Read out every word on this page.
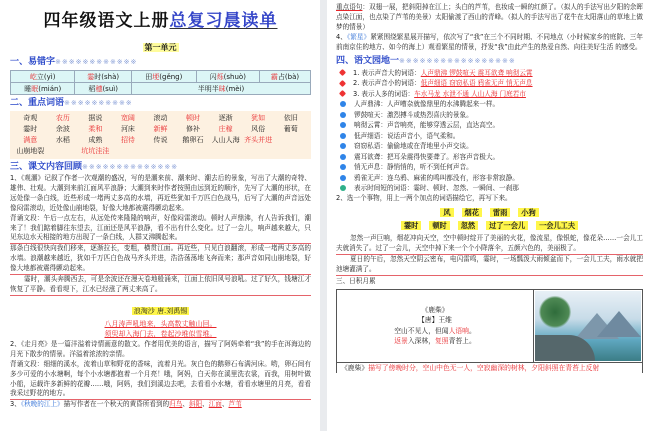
四年级语文上册总复习晨读单
第一单元
一、易错字※※※※※※※※※※※※
屹立(yì)	霎时(shà)	田埂(gěng)	闪烁(shuò)	霸占(bà)
睡眠(mián)	稻穗(suì)	半明半昧(mèi)		
二、重点词语※※※※※※※※※※
奇观	农历	据说	宽阔	滚动	顿时	逐渐	犹如	依旧
霎时	余波	柔和	河床	新鲜	修补	庄稼	风俗	葡萄
满意	水稻	成熟	招待	传说	鹅卵石	人山人海 齐头并进
山崩地裂	坑坑洼洼
三、课文内容回顾※※※※※※※※※※※※※※
1、《观潮》记叙了作者一次观潮的盛况，写的是潮来前、潮来时、潮去后的景象，写出了大潮的奇特、雄伟、壮观。大潮到来前江面风平浪静；大潮到来时作者按照由远到近的顺序，先写了大潮的形状，在远处像一条白线，近些形成一堵两丈多高的水墙，再近些犹如千万匹白色战马，后写了大潮的声音远处像闷雷滚动，近处像山崩地裂，好像大地都被震得颤动起来。
背诵文段：午后一点左右，从远处传来隆隆的响声，好像闷雷滚动。顿时人声鼎沸，有人告诉我们，潮来了！我们踮着脚往东望去，江面还是风平浪静，看不出有什么变化。过了一会儿，响声越来越大，只见东边水天相接的地方出现了一条白线，人群又沸腾起来。
那条白线很快向我们移来，逐渐拉长，变粗，横贯江面。再近些，只见白浪翻滚，形成一堵两丈多高的水墙。浪潮越来越近，犹如千万匹白色战马齐头并进，浩浩荡荡地飞奔而来；那声音如同山崩地裂，好像大地都被震得颤动起来。
霎时，潮头奔腾西去，可是余波还在漫天卷地般涌来，江面上依旧风号浪吼。过了好久，钱塘江才恢复了平静。看看堤下，江水已经涨了两丈来高了。
浪淘沙 唐.刘禹锡
八月涛声吼地来，头高数丈触山回。
须臾却入海门去，卷起沙堆似雪堆。
2、《走月亮》是一篇洋溢着诗情画意的散文。作者用优美的语言，描写了阿妈牵着“我”的手在洱海边的月光下散步的情景。洋溢着浓浓的亲情。
背诵文段：细细的溪水，流着山草和野花的香味，流着月光。灰白色的鹅卵石布满河床。哟，卵石间有多少可爱的小水塘啊，每个小水塘都抱着一个月亮！哦，阿妈，白天你在溪里洗衣裳，而我，用树叶做小船，运载许多新鲜的花瓣……哦，阿妈，我们到溪边去吧，去看看小水塘，看看水塘里的月亮，看看我采过野花的地方。
3、《秋晚的江上》描写作者在一个秋天的黄昏所看到的归鸟、斜阳、江面、芦苇
重点语句：双翅一展，把斜阳掉在江上；头白的芦苇，也妆成一瞬的红颜了。（拟人的手法写出夕阳的余晖点染江面，也点染了芦苇的美景）太阳偷渡了西山的青峰。（拟人的手法写出了花牛在太阳落山的草地上做梦的情景）
4、《繁星》紧紧围绕繁星展开描写，依次写了“我”在三个不同时期、不同地点（小时候家乡的庭院、三年前南京住的地方、如今的海上）观看繁星的情景，抒发“我”由此产生的热爱自然、向往美好生活 的感受。
四、语文园地一※※※※※※※※※※※※※※※※※
1. 表示声音大的词语： 人声鼎沸 锣鼓喧天 震耳欲聋 响彻云霄
2. 表示声音小的词语： 低声细语 窃窃私语 鸦雀无声 悄无声息
3. 表示人多的词语： 车水马龙 水泄不通 人山人海 门庭若市
人声鼎沸：人声嘈杂就像鼎里的水沸腾起来一样。
锣鼓喧天：激烈搏斗或热烈喜庆的景象。
响彻云霄：声音响亮，能够穿透云层，直达高空。
低声细语：说话声音小，语气柔和。
窃窃私语：偷偷地或在背地里小声交谈。
震耳欲聋：把耳朵震得快要聋了。形容声音极大。
悄无声息：静悄悄的，听不到任何声音。
鸦雀无声：连乌鸦、麻雀的鸣叫都没有，形容非常寂静。
表示时间短的词语：霎时、顿时、忽然、一瞬间、一刹那
2、选一个事物，用上一两个加点的词语描绘它，再写下来。
风 烟花 雷雨 小狗
霎时 顿时 忽然 过了一会儿 一会儿工夫
忽然一声巨响，烟花冲向天空，空中顿时绽开了美丽的火花，像流星，像银蛇，像花朵……一会儿工夫就消失了。过了一会儿，天空中掉下来一个个小降落伞，五颜六色的，美丽极了。
夏日的午后，忽然天空阴云密布，电闪雷鸣，霎时，一场瓢泼大雨倾盆而下，一会儿工夫，雨水就把池塘灌满了。
三、日积月累
《鹿柴》
【唐】王维
空山不见人，但闻人语响。
返景入深林，复照青苔上。

《鹿柴》描写了傍晚时分，空山中色无一人，空寂幽深的树林，夕阳斜照在青苔上反射
